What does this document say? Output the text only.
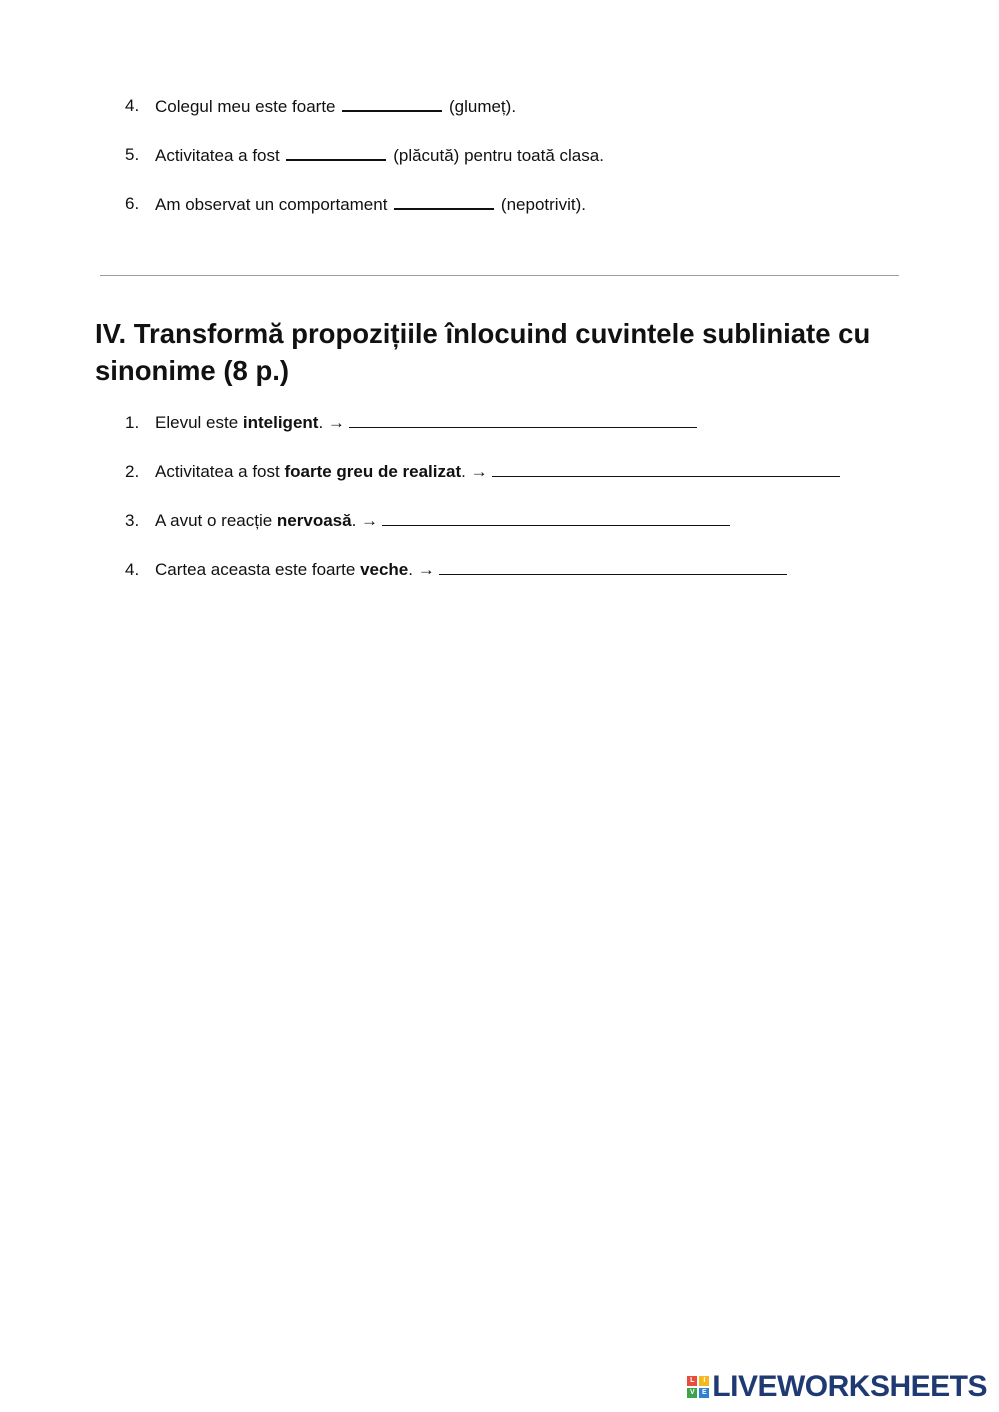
4. Colegul meu este foarte	(glumeț).
5. Activitatea a fost	(plăcută) pentru toată clasa.
6. Am observat un comportament	(nepotrivit).
IV. Transformă propozițiile înlocuind cuvintele subliniate cu sinonime (8 p.)
1. Elevul este inteligent. →
2. Activitatea a fost foarte greu de realizat. →
3. A avut o reacție nervoasă. →
4. Cartea aceasta este foarte veche. →
L	I
V	E LIVEWORKSHEETS
